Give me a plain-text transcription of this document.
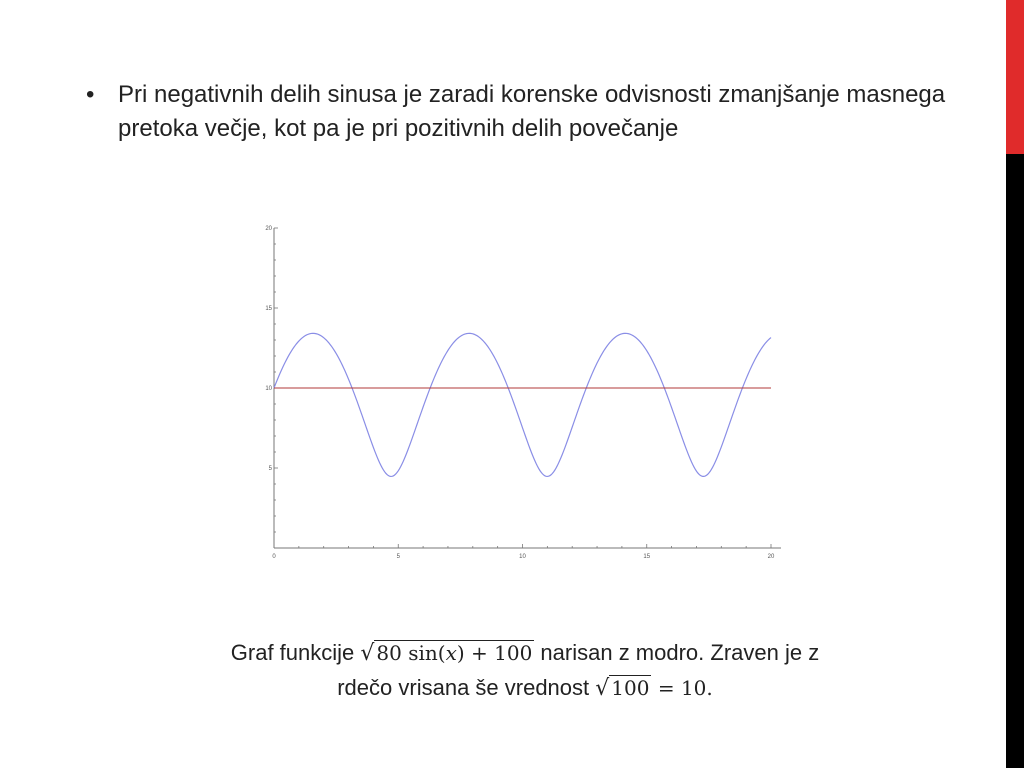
• Pri negativnih delih sinusa je zaradi korenske odvisnosti zmanjšanje masnega pretoka večje, kot pa je pri pozitivnih delih povečanje
0	5	10	15	20
5
10
15
20
Graf funkcije √ 80 sin(𝑥) + 100 narisan z modro. Zraven je z
rdečo vrisana še vrednost √ 100 = 10.
